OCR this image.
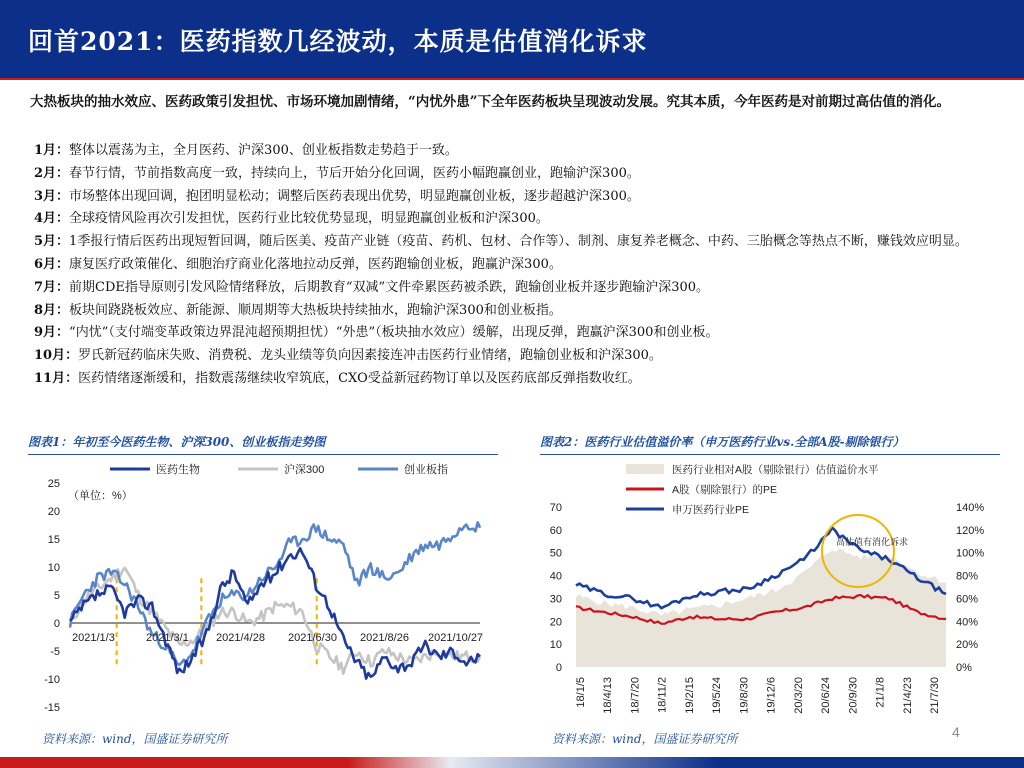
回首2021：医药指数几经波动，本质是估值消化诉求
大热板块的抽水效应、医药政策引发担忧、市场环境加剧情绪，“内忧外患”下全年医药板块呈现波动发展。究其本质，今年医药是对前期过高估值的消化。
1月：整体以震荡为主，全月医药、沪深300、创业板指数走势趋于一致。
2月：春节行情，节前指数高度一致，持续向上，节后开始分化回调，医药小幅跑赢创业，跑输沪深300。
3月：市场整体出现回调，抱团明显松动；调整后医药表现出优势，明显跑赢创业板，逐步超越沪深300。
4月：全球疫情风险再次引发担忧，医药行业比较优势显现，明显跑赢创业板和沪深300。
5月：1季报行情后医药出现短暂回调，随后医美、疫苗产业链（疫苗、药机、包材、合作等）、制剂、康复养老概念、中药、三胎概念等热点不断，赚钱效应明显。
6月：康复医疗政策催化、细胞治疗商业化落地拉动反弹，医药跑输创业板，跑赢沪深300。
7月：前期CDE指导原则引发风险情绪释放，后期教育“双减”文件牵累医药被杀跌，跑输创业板并逐步跑输沪深300。
8月：板块间跷跷板效应、新能源、顺周期等大热板块持续抽水，跑输沪深300和创业板指。
9月：“内忧”（支付端变革政策边界混沌超预期担忧）“外患”（板块抽水效应）缓解，出现反弹，跑赢沪深300和创业板。
10月：罗氏新冠药临床失败、消费税、龙头业绩等负向因素接连冲击医药行业情绪，跑输创业板和沪深300。
11月：医药情绪逐渐缓和，指数震荡继续收窄筑底，CXO受益新冠药物订单以及医药底部反弹指数收红。
图表1：年初至今医药生物、沪深300、创业板指走势图
25
20
15
10
5
0
-5
-10
-15
（单位：%）
2021/1/3	2021/3/1 2021/4/28 2021/6/30 2021/8/26 2021/10/27
医药生物	沪深300	创业板指
图表2：医药行业估值溢价率（申万医药行业vs.全部A股-剔除银行）
70
60
50
40
30
20
10
0
140%
120%
100%
80%
60%
40%
20%
0%
高估值有消化诉求
18/1/5 18/4/13 18/7/20 18/11/2 19/2/15 19/5/24 19/8/30 19/12/6 20/3/20 20/6/24 20/9/30 21/1/8 21/4/23 21/7/30
医药行业相对A股（剔除银行）估值溢价水平
A股（剔除银行）的PE
申万医药行业PE
资料来源：wind，国盛证券研究所	资料来源：wind，国盛证券研究所	4
